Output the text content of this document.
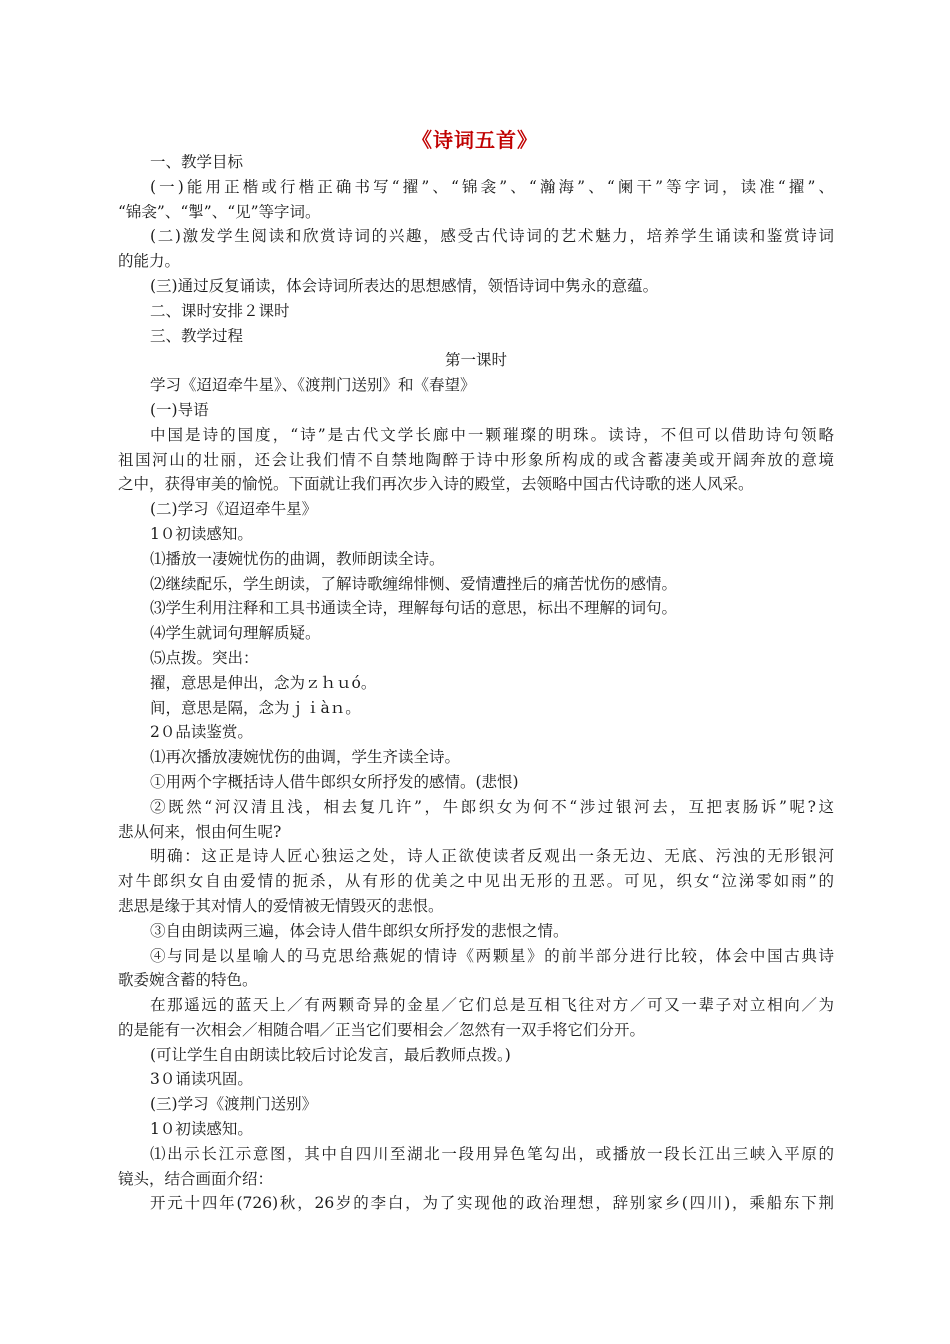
《诗词五首》
一、教学目标
(一)能用正楷或行楷正确书写“擢”、“锦衾”、“瀚海”、“阑干”等字词，读准“擢”、
“锦衾”、“掣”、“见”等字词。
(二)激发学生阅读和欣赏诗词的兴趣，感受古代诗词的艺术魅力，培养学生诵读和鉴赏诗词
的能力。
(三)通过反复诵读，体会诗词所表达的思想感情，领悟诗词中隽永的意蕴。
二、课时安排２课时
三、教学过程
第一课时
学习《迢迢牵牛星》、《渡荆门送别》和《春望》
(一)导语
中国是诗的国度，“诗”是古代文学长廊中一颗璀璨的明珠。读诗，不但可以借助诗句领略
祖国河山的壮丽，还会让我们情不自禁地陶醉于诗中形象所构成的或含蓄凄美或开阔奔放的意境
之中，获得审美的愉悦。下面就让我们再次步入诗的殿堂，去领略中国古代诗歌的迷人风采。
(二)学习《迢迢牵牛星》
1０初读感知。
⑴播放一凄婉忧伤的曲调，教师朗读全诗。
⑵继续配乐，学生朗读，了解诗歌缠绵悱恻、爱情遭挫后的痛苦忧伤的感情。
⑶学生利用注释和工具书通读全诗，理解每句话的意思，标出不理解的词句。
⑷学生就词句理解质疑。
⑸点拨。突出：
擢，意思是伸出，念为ｚｈｕó。
间，意思是隔，念为ｊｉàｎ。
2０品读鉴赏。
⑴再次播放凄婉忧伤的曲调，学生齐读全诗。
①用两个字概括诗人借牛郎织女所抒发的感情。(悲恨)
②既然“河汉清且浅，相去复几许”，牛郎织女为何不“涉过银河去，互把衷肠诉”呢?这
悲从何来，恨由何生呢?
明确：这正是诗人匠心独运之处，诗人正欲使读者反观出一条无边、无底、污浊的无形银河
对牛郎织女自由爱情的扼杀，从有形的优美之中见出无形的丑恶。可见，织女“泣涕零如雨”的
悲思是缘于其对情人的爱情被无情毁灭的悲恨。
③自由朗读两三遍，体会诗人借牛郎织女所抒发的悲恨之情。
④与同是以星喻人的马克思给燕妮的情诗《两颗星》的前半部分进行比较，体会中国古典诗
歌委婉含蓄的特色。
在那遥远的蓝天上／有两颗奇异的金星／它们总是互相飞往对方／可又一辈子对立相向／为
的是能有一次相会／相随合唱／正当它们要相会／忽然有一双手将它们分开。
(可让学生自由朗读比较后讨论发言，最后教师点拨。)
3０诵读巩固。
(三)学习《渡荆门送别》
1０初读感知。
⑴出示长江示意图，其中自四川至湖北一段用异色笔勾出，或播放一段长江出三峡入平原的
镜头，结合画面介绍：
开元十四年(726)秋，26岁的李白，为了实现他的政治理想，辞别家乡(四川)，乘船东下荆
